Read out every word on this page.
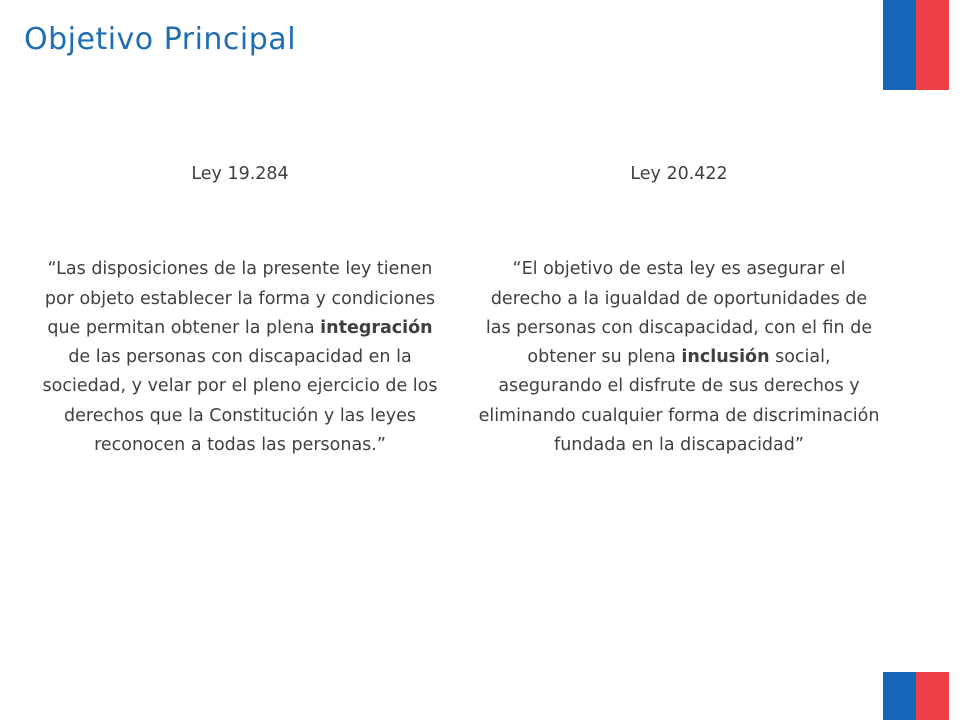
Objetivo Principal
Ley 19.284
“Las disposiciones de la presente ley tienen por objeto establecer la forma y condiciones que permitan obtener la plena integración de las personas con discapacidad en la sociedad, y velar por el pleno ejercicio de los derechos que la Constitución y las leyes reconocen a todas las personas.”
Ley 20.422
“El objetivo de esta ley es asegurar el derecho a la igualdad de oportunidades de las personas con discapacidad, con el fin de obtener su plena inclusión social, asegurando el disfrute de sus derechos y eliminando cualquier forma de discriminación fundada en la discapacidad”
